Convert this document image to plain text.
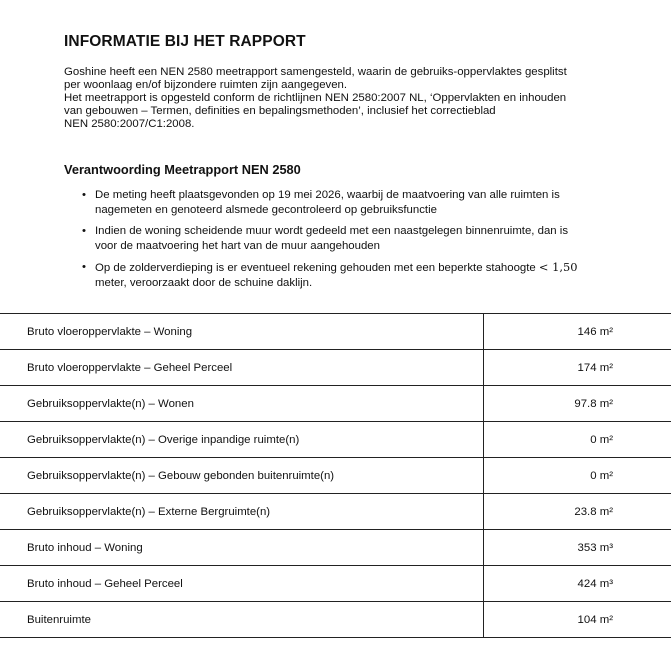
INFORMATIE BIJ HET RAPPORT

Goshine heeft een NEN 2580 meetrapport samengesteld, waarin de gebruiks-oppervlaktes gesplitst
per woonlaag en/of bijzondere ruimten zijn aangegeven.

Het meetrapport is opgesteld conform de richtlijnen NEN 2580:2007 NL, ‘Oppervlakten en inhouden
van gebouwen – Termen, definities en bepalingsmethoden’, inclusief het correctieblad
NEN 2580:2007/C1:2008.

Verantwoording Meetrapport NEN 2580
• De meting heeft plaatsgevonden op 19 mei 2026, waarbij de maatvoering van alle ruimten is
nagemeten en genoteerd alsmede gecontroleerd op gebruiksfunctie
• Indien de woning scheidende muur wordt gedeeld met een naastgelegen binnenruimte, dan is
voor de maatvoering het hart van de muur aangehouden
• Op de zolderverdieping is er eventueel rekening gehouden met een beperkte stahoogte < 1,50
meter, veroorzaakt door de schuine daklijn.
Bruto vloeroppervlakte – Woning	146 m²
Bruto vloeroppervlakte – Geheel Perceel	174 m²
Gebruiksoppervlakte(n) – Wonen	97.8 m²
Gebruiksoppervlakte(n) – Overige inpandige ruimte(n)	0 m²
Gebruiksoppervlakte(n) – Gebouw gebonden buitenruimte(n)	0 m²
Gebruiksoppervlakte(n) – Externe Bergruimte(n)	23.8 m²
Bruto inhoud – Woning	353 m³
Bruto inhoud – Geheel Perceel	424 m³
Buitenruimte	104 m²
